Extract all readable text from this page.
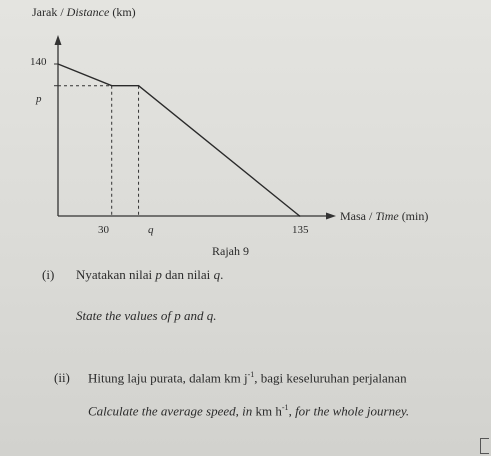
Jarak / Distance (km)
Masa / Time (min)
140
p
30	q	135
Rajah 9
(i) Nyatakan nilai p dan nilai q.
State the values of p and q.
(ii) Hitung laju purata, dalam km $j^{-1}$, bagi keseluruhan perjalanan
Calculate the average speed, in km $h^{-1}$, for the whole journey.
